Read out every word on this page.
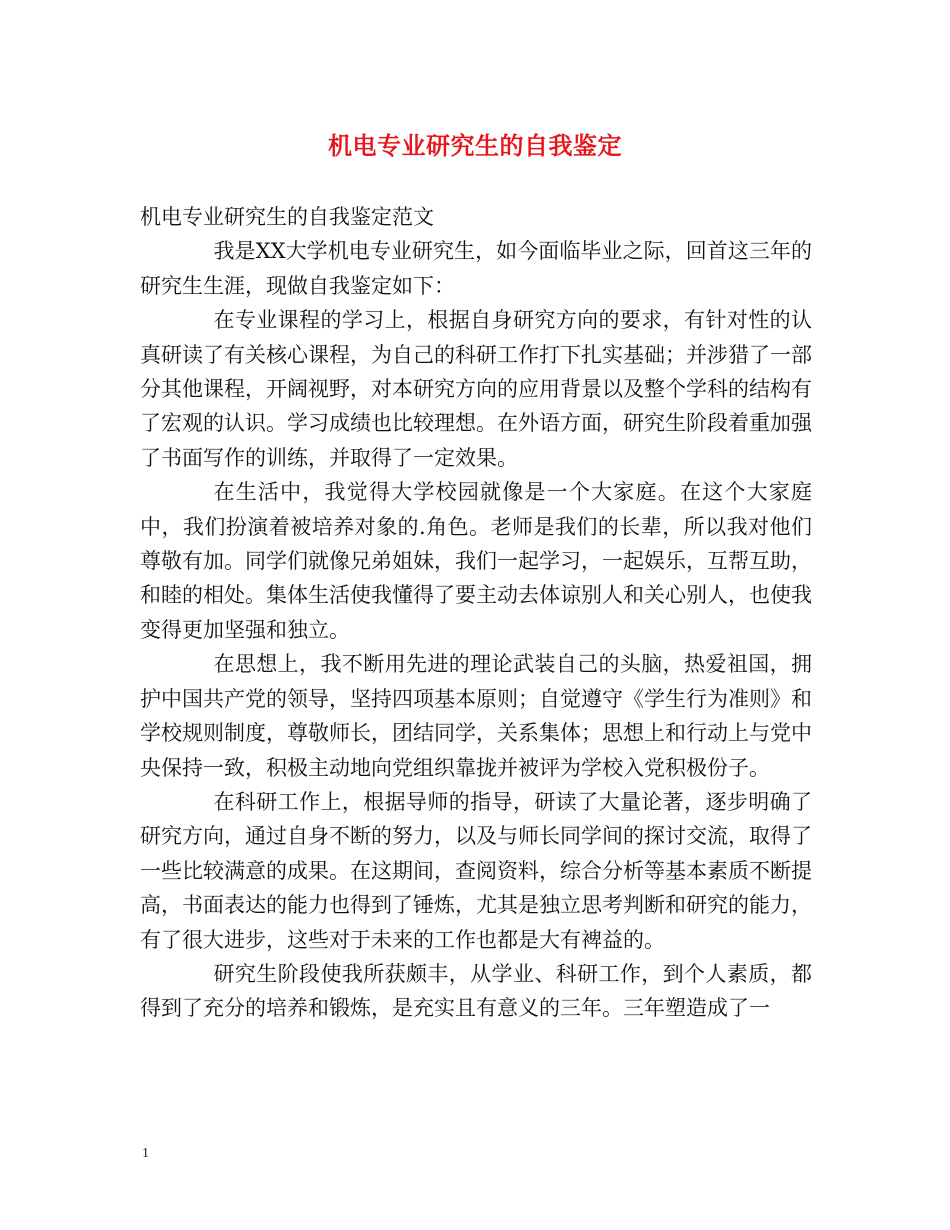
机电专业研究生的自我鉴定

机电专业研究生的自我鉴定范文

我是XX大学机电专业研究生，如今面临毕业之际，回首这三年的研究生生涯，现做自我鉴定如下：

在专业课程的学习上，根据自身研究方向的要求，有针对性的认真研读了有关核心课程，为自己的科研工作打下扎实基础；并涉猎了一部分其他课程，开阔视野，对本研究方向的应用背景以及整个学科的结构有了宏观的认识。学习成绩也比较理想。在外语方面，研究生阶段着重加强了书面写作的训练，并取得了一定效果。

在生活中，我觉得大学校园就像是一个大家庭。在这个大家庭中，我们扮演着被培养对象的.角色。老师是我们的长辈，所以我对他们尊敬有加。同学们就像兄弟姐妹，我们一起学习，一起娱乐，互帮互助，和睦的相处。集体生活使我懂得了要主动去体谅别人和关心别人，也使我变得更加坚强和独立。

在思想上，我不断用先进的理论武装自己的头脑，热爱祖国，拥护中国共产党的领导，坚持四项基本原则；自觉遵守《学生行为准则》和学校规则制度，尊敬师长，团结同学，关系集体；思想上和行动上与党中央保持一致，积极主动地向党组织靠拢并被评为学校入党积极份子。

在科研工作上，根据导师的指导，研读了大量论著，逐步明确了研究方向，通过自身不断的努力，以及与师长同学间的探讨交流，取得了一些比较满意的成果。在这期间，查阅资料，综合分析等基本素质不断提高，书面表达的能力也得到了锤炼，尤其是独立思考判断和研究的能力，有了很大进步，这些对于未来的工作也都是大有裨益的。

研究生阶段使我所获颇丰，从学业、科研工作，到个人素质，都得到了充分的培养和锻炼，是充实且有意义的三年。三年塑造成了一

1
